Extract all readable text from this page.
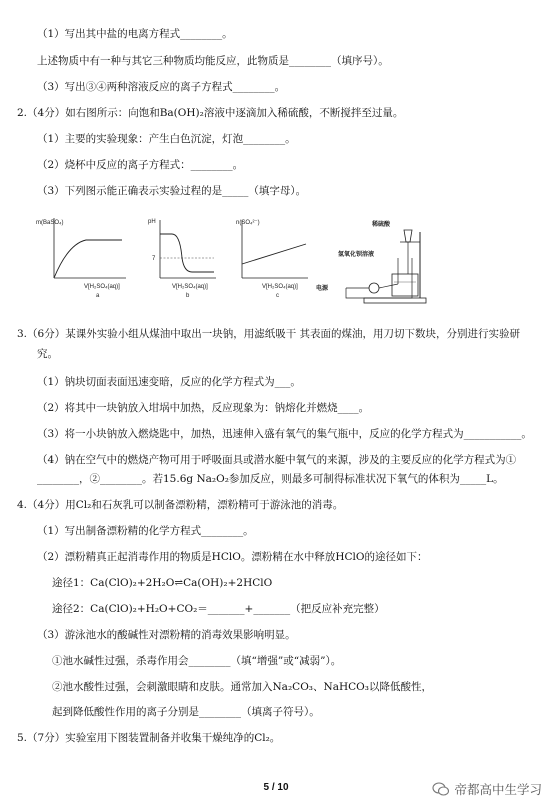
（1）写出其中盐的电离方程式________。
上述物质中有一种与其它三种物质均能反应，此物质是________（填序号）。
（3）写出③④两种溶液反应的离子方程式________。
2.（4分）如右图所示：向饱和Ba(OH)₂溶液中逐滴加入稀硫酸，不断搅拌至过量。
（1）主要的实验现象：产生白色沉淀，灯泡________。
（2）烧杯中反应的离子方程式：________。
（3）下列图示能正确表示实验过程的是_____（填字母）。
m(BaSO₄)
V[H₂SO₄(aq)]
a
pH
7
V[H₂SO₄(aq)]
b
n(SO₄²⁻)
V[H₂SO₄(aq)]
c
稀硫酸
氢氧化钡溶液
电源
3.（6分）某课外实验小组从煤油中取出一块钠，用滤纸吸干 其表面的煤油，用刀切下数块，分别进行实验研
究。
（1）钠块切面表面迅速变暗，反应的化学方程式为___。
（2）将其中一块钠放入坩埚中加热，反应现象为：钠熔化并燃烧____。
（3）将一小块钠放入燃烧匙中，加热，迅速伸入盛有氧气的集气瓶中，反应的化学方程式为___________。
（4）钠在空气中的燃烧产物可用于呼吸面具或潜水艇中氧气的来源，涉及的主要反应的化学方程式为①
________，②________。若15.6g Na₂O₂参加反应，则最多可制得标准状况下氧气的体积为_____L。
4.（4分）用Cl₂和石灰乳可以制备漂粉精，漂粉精可于游泳池的消毒。
（1）写出制备漂粉精的化学方程式________。
（2）漂粉精真正起消毒作用的物质是HClO。漂粉精在水中释放HClO的途径如下：
途径1：Ca(ClO)₂+2H₂O⇌Ca(OH)₂+2HClO
途径2：Ca(ClO)₂+H₂O+CO₂＝_______+_______（把反应补充完整）
（3）游泳池水的酸碱性对漂粉精的消毒效果影响明显。
①池水碱性过强，杀毒作用会________（填“增强”或“减弱”）。
②池水酸性过强，会刺激眼睛和皮肤。通常加入Na₂CO₃、NaHCO₃以降低酸性，
起到降低酸性作用的离子分别是________（填离子符号）。
5.（7分）实验室用下图装置制备并收集干燥纯净的Cl₂。
5 / 10	帝都高中生学习
